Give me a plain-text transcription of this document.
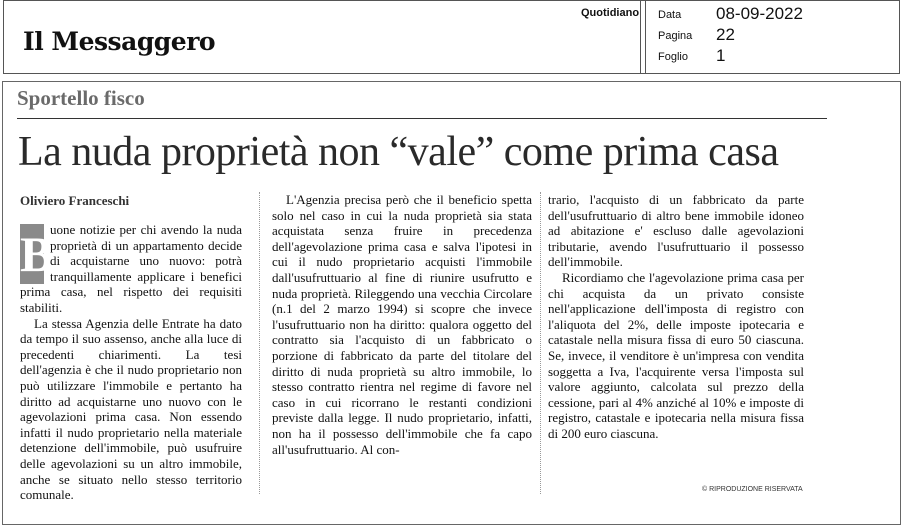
Il Messaggero
Quotidiano Data 08-09-2022
Pagina 22
Foglio 1
Sportello fisco
La nuda proprietà non “vale” come prima casa
Oliviero Franceschi

B
uone notizie per chi avendo la nuda proprietà di un appartamento decide di acquistarne uno nuovo: potrà tranquillamente applicare i benefici prima casa, nel rispetto dei requisiti stabiliti.

La stessa Agenzia delle Entrate ha dato da tempo il suo assenso, anche alla luce di precedenti chiarimenti. La tesi dell'agenzia è che il nudo proprietario non può utilizzare l'immobile e pertanto ha diritto ad acquistarne uno nuovo con le agevolazioni prima casa. Non essendo infatti il nudo proprietario nella materiale detenzione dell'immobile, può usufruire delle agevolazioni su un altro immobile, anche se situato nello stesso territorio comunale.

L'Agenzia precisa però che il beneficio spetta solo nel caso in cui la nuda proprietà sia stata acquistata senza fruire in precedenza dell'agevolazione prima casa e salva l'ipotesi in cui il nudo proprietario acquisti l'immobile dall'usufruttuario al fine di riunire usufrutto e nuda proprietà. Rileggendo una vecchia Circolare (n.1 del 2 marzo 1994) si scopre che invece l'usufruttuario non ha diritto: qualora oggetto del contratto sia l'acquisto di un fabbricato o porzione di fabbricato da parte del titolare del diritto di nuda proprietà su altro immobile, lo stesso contratto rientra nel regime di favore nel caso in cui ricorrano le restanti condizioni previste dalla legge. Il nudo proprietario, infatti, non ha il possesso dell'immobile che fa capo all'usufruttuario. Al con-

trario, l'acquisto di un fabbricato da parte dell'usufruttuario di altro bene immobile idoneo ad abitazione e' escluso dalle agevolazioni tributarie, avendo l'usufruttuario il possesso dell'immobile.

Ricordiamo che l'agevolazione prima casa per chi acquista da un privato consiste nell'applicazione dell'imposta di registro con l'aliquota del 2%, delle imposte ipotecaria e catastale nella misura fissa di euro 50 ciascuna. Se, invece, il venditore è un'impresa con vendita soggetta a Iva, l'acquirente versa l'imposta sul valore aggiunto, calcolata sul prezzo della cessione, pari al 4% anziché al 10% e imposte di registro, catastale e ipotecaria nella misura fissa di 200 euro ciascuna.

© RIPRODUZIONE RISERVATA
